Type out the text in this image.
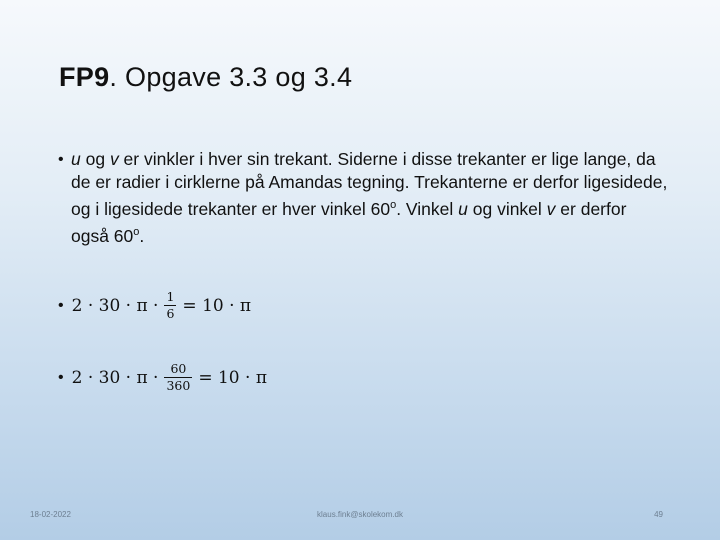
FP9. Opgave 3.3 og 3.4
• u og v er vinkler i hver sin trekant. Siderne i disse trekanter er lige lange, da de er radier i cirklerne på Amandas tegning. Trekanterne er derfor ligesidede, og i ligesidede trekanter er hver vinkel 60$^o$. Vinkel u og vinkel v er derfor også 60$^o$.
• $2 \cdot 30 \cdot \pi \cdot \frac{1}{6} = 10 \cdot \pi$
• $2 \cdot 30 \cdot \pi \cdot \frac{60}{360} = 10 \cdot \pi$
18-02-2022	klaus.fink@skolekom.dk	49
